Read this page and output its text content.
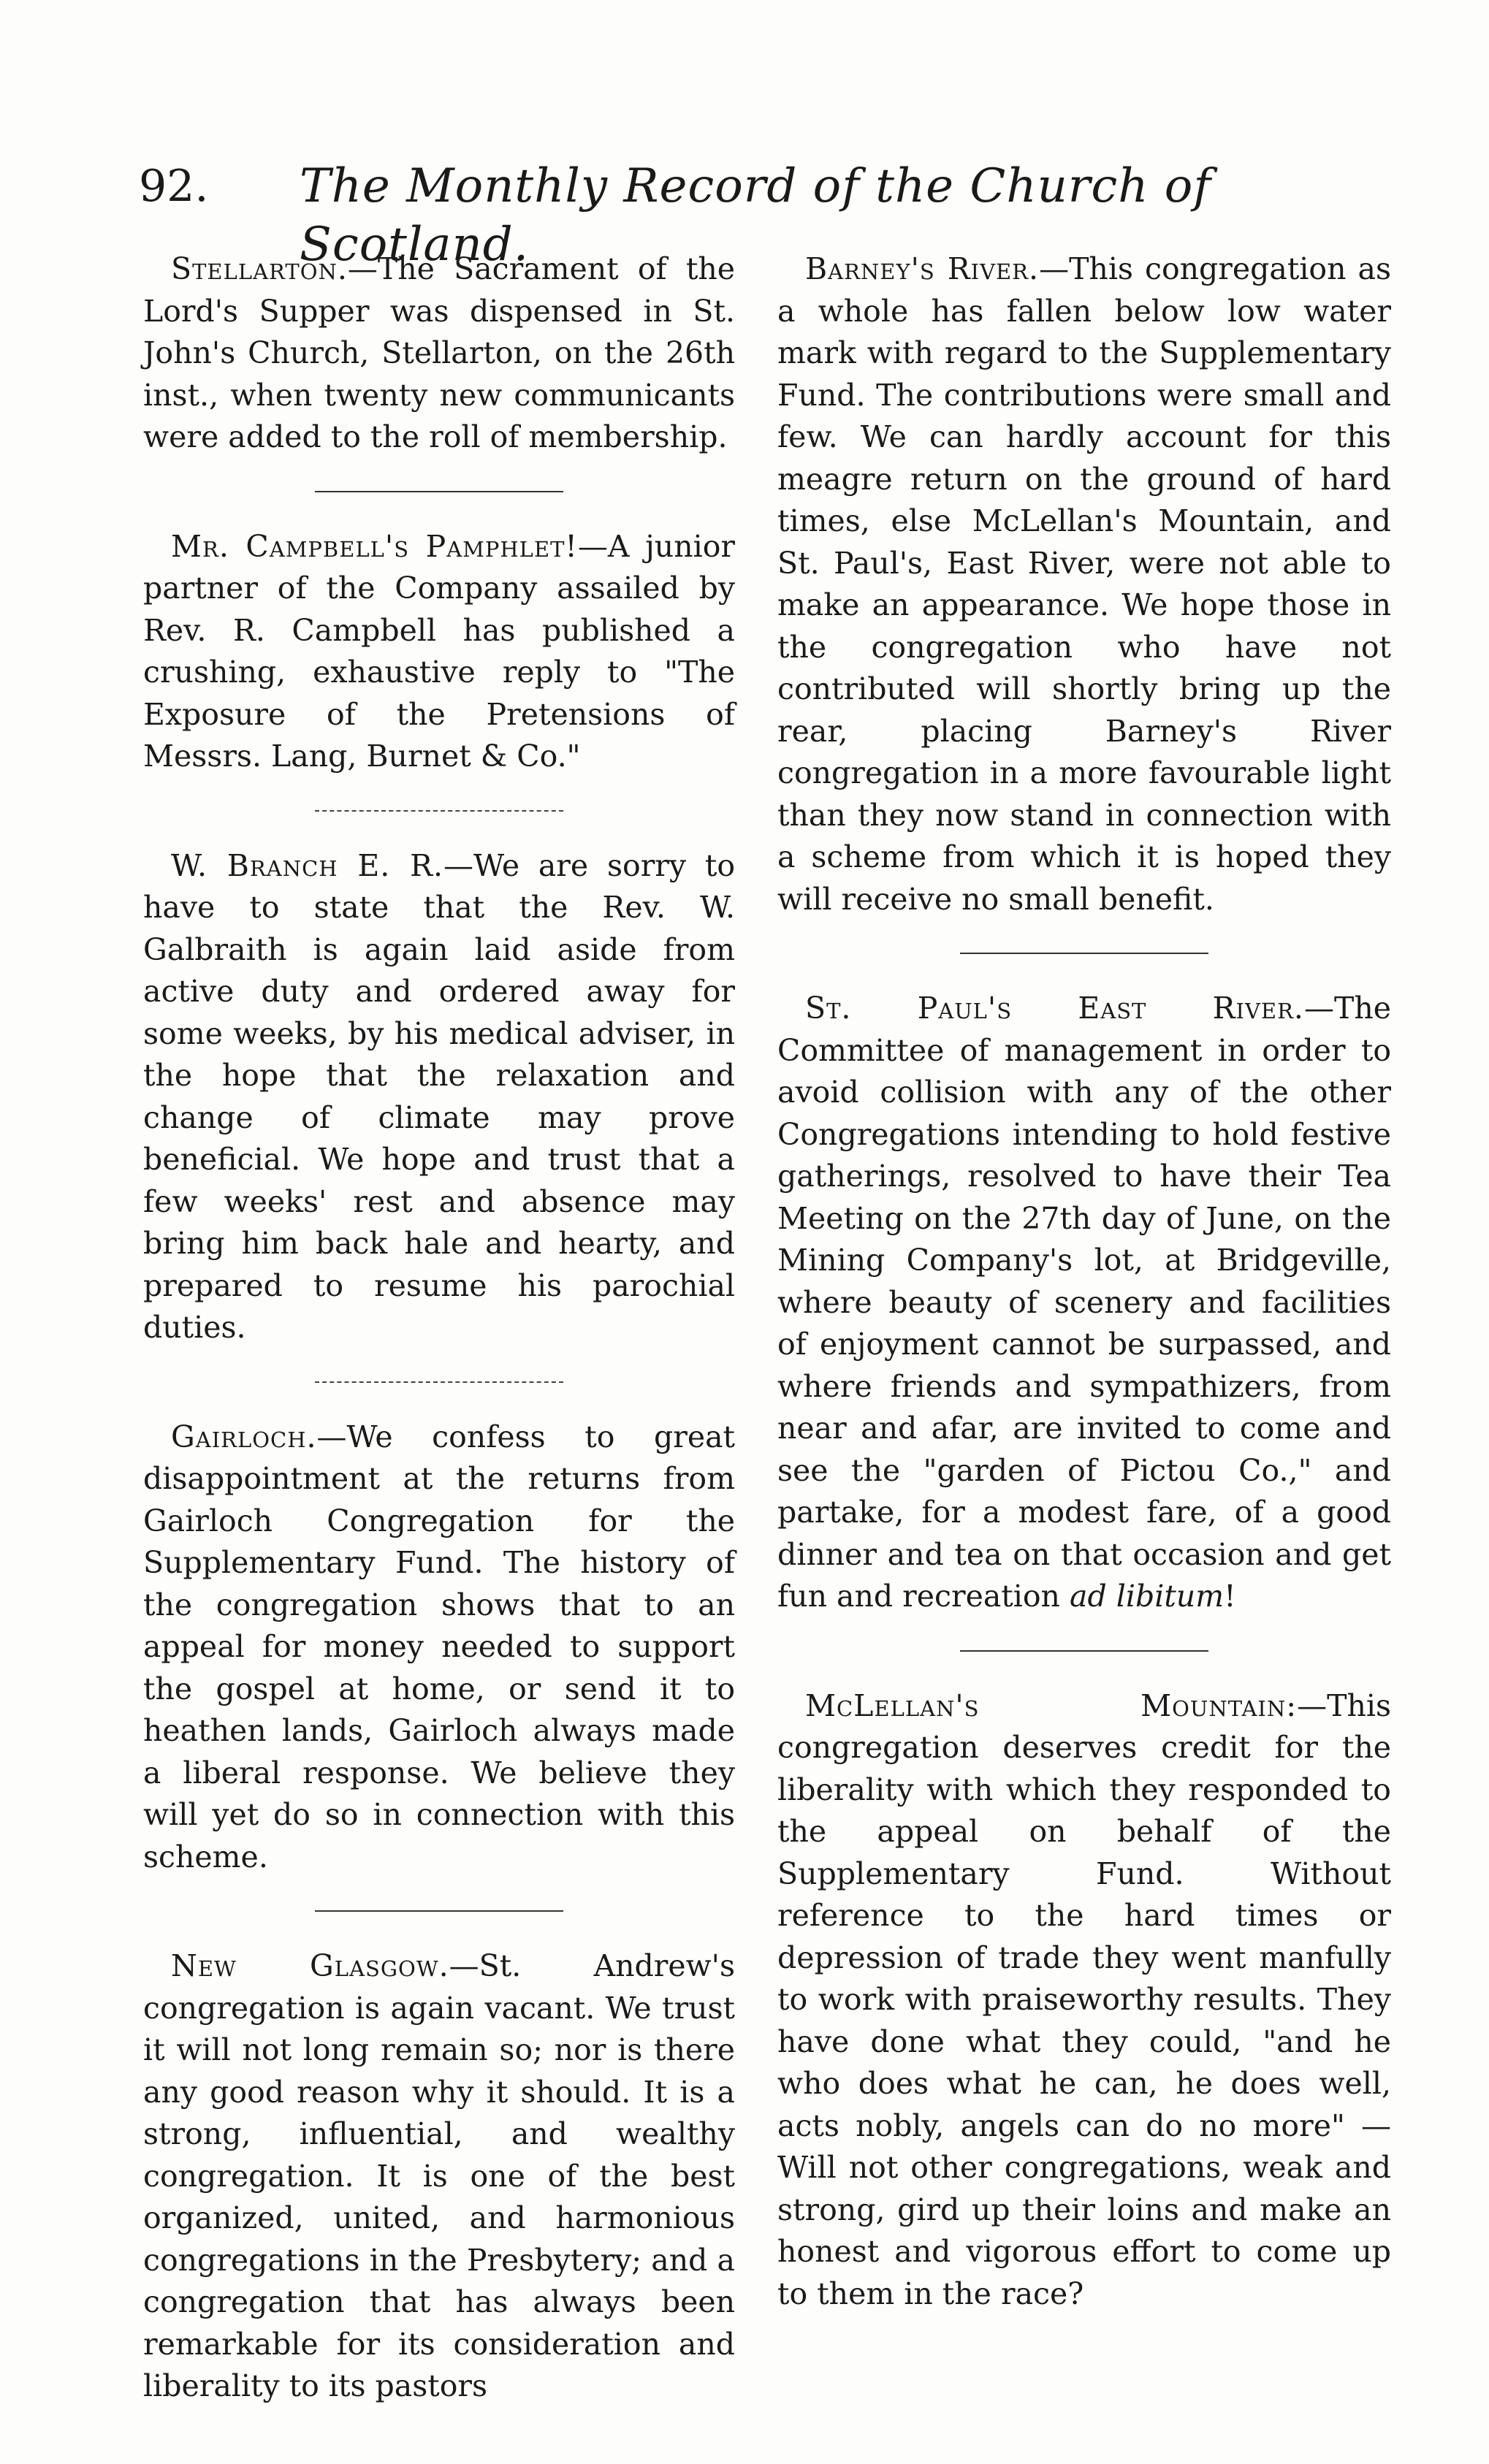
92. The Monthly Record of the Church of Scotland.

Stellarton.—The Sacrament of the Lord's Supper was dispensed in St. John's Church, Stellarton, on the 26th inst., when twenty new communicants were added to the roll of membership.

Mr. Campbell's Pamphlet!—A junior partner of the Company assailed by Rev. R. Campbell has published a crushing, exhaustive reply to "The Exposure of the Pretensions of Messrs. Lang, Burnet & Co."

W. Branch E. R.—We are sorry to have to state that the Rev. W. Galbraith is again laid aside from active duty and ordered away for some weeks, by his medical adviser, in the hope that the relaxation and change of climate may prove beneficial. We hope and trust that a few weeks' rest and absence may bring him back hale and hearty, and prepared to resume his parochial duties.

Gairloch.—We confess to great disappointment at the returns from Gairloch Congregation for the Supplementary Fund. The history of the congregation shows that to an appeal for money needed to support the gospel at home, or send it to heathen lands, Gairloch always made a liberal response. We believe they will yet do so in connection with this scheme.

New Glasgow.—St. Andrew's congregation is again vacant. We trust it will not long remain so; nor is there any good reason why it should. It is a strong, influential, and wealthy congregation. It is one of the best organized, united, and harmonious congregations in the Presbytery; and a congregation that has always been remarkable for its consideration and liberality to its pastors

Barney's River.—This congregation as a whole has fallen below low water mark with regard to the Supplementary Fund. The contributions were small and few. We can hardly account for this meagre return on the ground of hard times, else McLellan's Mountain, and St. Paul's, East River, were not able to make an appearance. We hope those in the congregation who have not contributed will shortly bring up the rear, placing Barney's River congregation in a more favourable light than they now stand in connection with a scheme from which it is hoped they will receive no small benefit.

St. Paul's East River.—The Committee of management in order to avoid collision with any of the other Congregations intending to hold festive gatherings, resolved to have their Tea Meeting on the 27th day of June, on the Mining Company's lot, at Bridgeville, where beauty of scenery and facilities of enjoyment cannot be surpassed, and where friends and sympathizers, from near and afar, are invited to come and see the "garden of Pictou Co.," and partake, for a modest fare, of a good dinner and tea on that occasion and get fun and recreation ad libitum!

McLellan's Mountain:—This congregation deserves credit for the liberality with which they responded to the appeal on behalf of the Supplementary Fund. Without reference to the hard times or depression of trade they went manfully to work with praiseworthy results. They have done what they could, "and he who does what he can, he does well, acts nobly, angels can do no more" — Will not other congregations, weak and strong, gird up their loins and make an honest and vigorous effort to come up to them in the race?
